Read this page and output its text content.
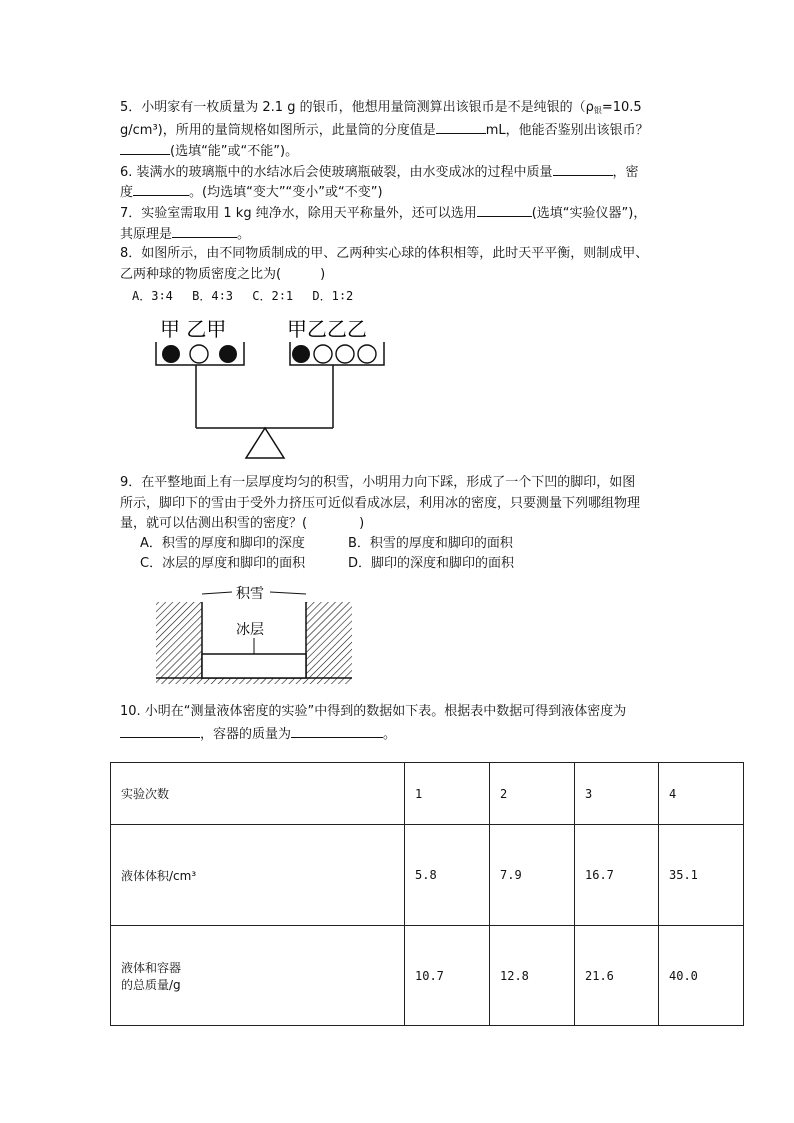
5．小明家有一枚质量为 2.1 g 的银币，他想用量筒测算出该银币是不是纯银的（$\rho_银=10.5$
g/cm³)，所用的量筒规格如图所示，此量筒的分度值是	mL，他能否鉴别出该银币？
(选填“能”或“不能”)。
6. 装满水的玻璃瓶中的水结冰后会使玻璃瓶破裂，由水变成冰的过程中质量	，密
度	。(均选填“变大”“变小”或“不变”)
7．实验室需取用 1 kg 纯净水，除用天平称量外，还可以选用	(选填“实验仪器”)，
其原理是	。
8．如图所示，由不同物质制成的甲、乙两种实心球的体积相等，此时天平平衡，则制成甲、
乙两种球的物质密度之比为(　　　)
A．3∶4　 B．4∶3　 C．2∶1　 D．1∶2
甲 乙甲	甲乙乙乙
9．在平整地面上有一层厚度均匀的积雪，小明用力向下踩，形成了一个下凹的脚印，如图
所示，脚印下的雪由于受外力挤压可近似看成冰层，利用冰的密度，只要测量下列哪组物理
量，就可以估测出积雪的密度？(　　　　)
A．积雪的厚度和脚印的深度	B．积雪的厚度和脚印的面积
C．冰层的厚度和脚印的面积	D．脚印的深度和脚印的面积
积雪
冰层
10. 小明在“测量液体密度的实验”中得到的数据如下表。根据表中数据可得到液体密度为
，容器的质量为	。
实验次数	1	2	3	4
液体体积/cm³	5.8	7.9	16.7	35.1

液体和容器
的总质量/g	10.7	12.8	21.6	40.0
